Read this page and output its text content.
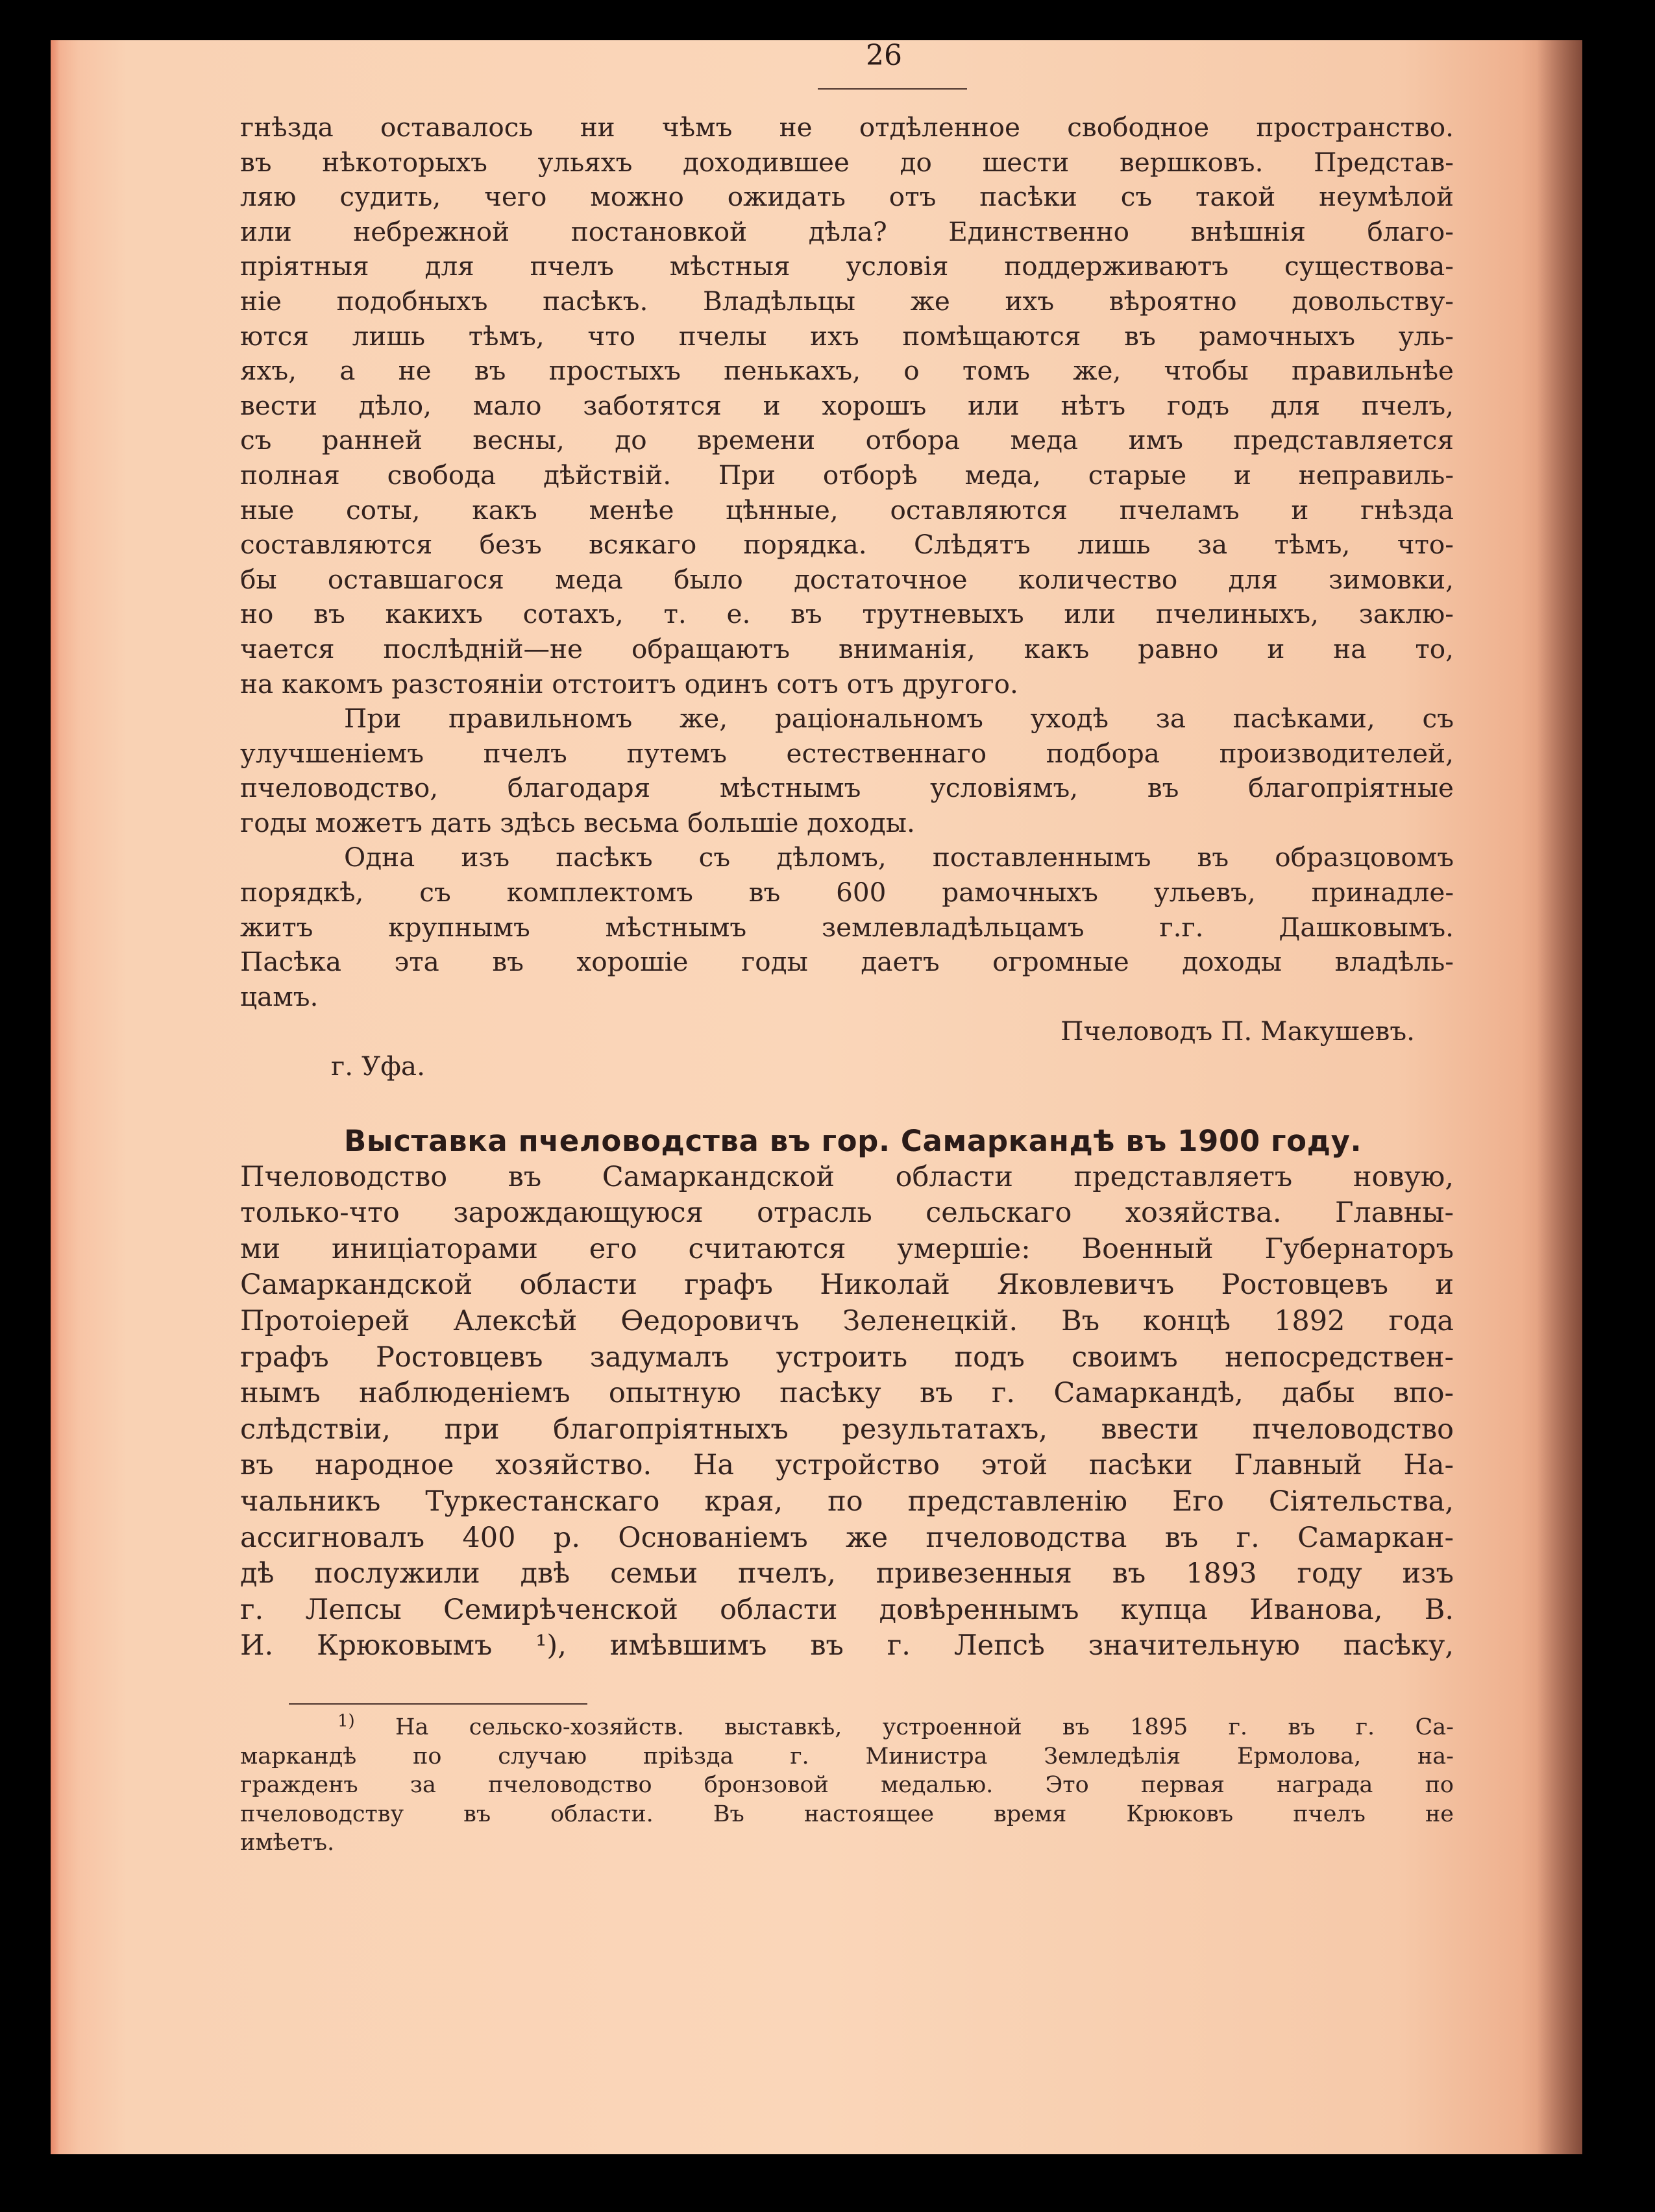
26

гнѣзда оставалось ни чѣмъ не отдѣленное свободное пространство.
въ нѣкоторыхъ ульяхъ доходившее до шести вершковъ. Представ-
ляю судить, чего можно ожидать отъ пасѣки съ такой неумѣлой
или небрежной постановкой дѣла? Единственно внѣшнія благо-
пріятныя для пчелъ мѣстныя условія поддерживаютъ существова-
ніе подобныхъ пасѣкъ. Владѣльцы же ихъ вѣроятно довольству-
ются лишь тѣмъ, что пчелы ихъ помѣщаются въ рамочныхъ уль-
яхъ, а не въ простыхъ пенькахъ, о томъ же, чтобы правильнѣе
вести дѣло, мало заботятся и хорошъ или нѣтъ годъ для пчелъ,
съ ранней весны, до времени отбора меда имъ представляется
полная свобода дѣйствій. При отборѣ меда, старые и неправиль-
ные соты, какъ менѣе цѣнные, оставляются пчеламъ и гнѣзда
составляются безъ всякаго порядка. Слѣдятъ лишь за тѣмъ, что-
бы оставшагося меда было достаточное количество для зимовки,
но въ какихъ сотахъ, т. е. въ трутневыхъ или пчелиныхъ, заклю-
чается послѣдній—не обращаютъ вниманія, какъ равно и на то,
на какомъ разстояніи отстоитъ одинъ сотъ отъ другого.

При правильномъ же, раціональномъ уходѣ за пасѣками, съ
улучшеніемъ пчелъ путемъ естественнаго подбора производителей,
пчеловодство, благодаря мѣстнымъ условіямъ, въ благопріятные
годы можетъ дать здѣсь весьма большіе доходы.

Одна изъ пасѣкъ съ дѣломъ, поставленнымъ въ образцовомъ
порядкѣ, съ комплектомъ въ 600 рамочныхъ ульевъ, принадле-
житъ крупнымъ мѣстнымъ землевладѣльцамъ г.г. Дашковымъ.
Пасѣка эта въ хорошіе годы даетъ огромные доходы владѣль-
цамъ.

Пчеловодъ П. Макушевъ.

г. Уфа.

Выставка пчеловодства въ гор. Самаркандѣ въ 1900 году.

Пчеловодство въ Самаркандской области представляетъ новую,
только-что зарождающуюся отрасль сельскаго хозяйства. Главны-
ми иниціаторами его считаются умершіе: Военный Губернаторъ
Самаркандской области графъ Николай Яковлевичъ Ростовцевъ и
Протоіерей Алексѣй Ѳедоровичъ Зеленецкій. Въ концѣ 1892 года
графъ Ростовцевъ задумалъ устроить подъ своимъ непосредствен-
нымъ наблюденіемъ опытную пасѣку въ г. Самаркандѣ, дабы впо-
слѣдствіи, при благопріятныхъ результатахъ, ввести пчеловодство
въ народное хозяйство. На устройство этой пасѣки Главный На-
чальникъ Туркестанскаго края, по представленію Его Сіятельства,
ассигновалъ 400 р. Основаніемъ же пчеловодства въ г. Самаркан-
дѣ послужили двѣ семьи пчелъ, привезенныя въ 1893 году изъ
г. Лепсы Семирѣченской области довѣреннымъ купца Иванова, В.
И. Крюковымъ ¹), имѣвшимъ въ г. Лепсѣ значительную пасѣку,

$^{1)}$ На сельско-хозяйств. выставкѣ, устроенной въ 1895 г. въ г. Са-
маркандѣ по случаю пріѣзда г. Министра Земледѣлія Ермолова, на-
гражденъ за пчеловодство бронзовой медалью. Это первая награда по
пчеловодству въ области. Въ настоящее время Крюковъ пчелъ не
имѣетъ.
